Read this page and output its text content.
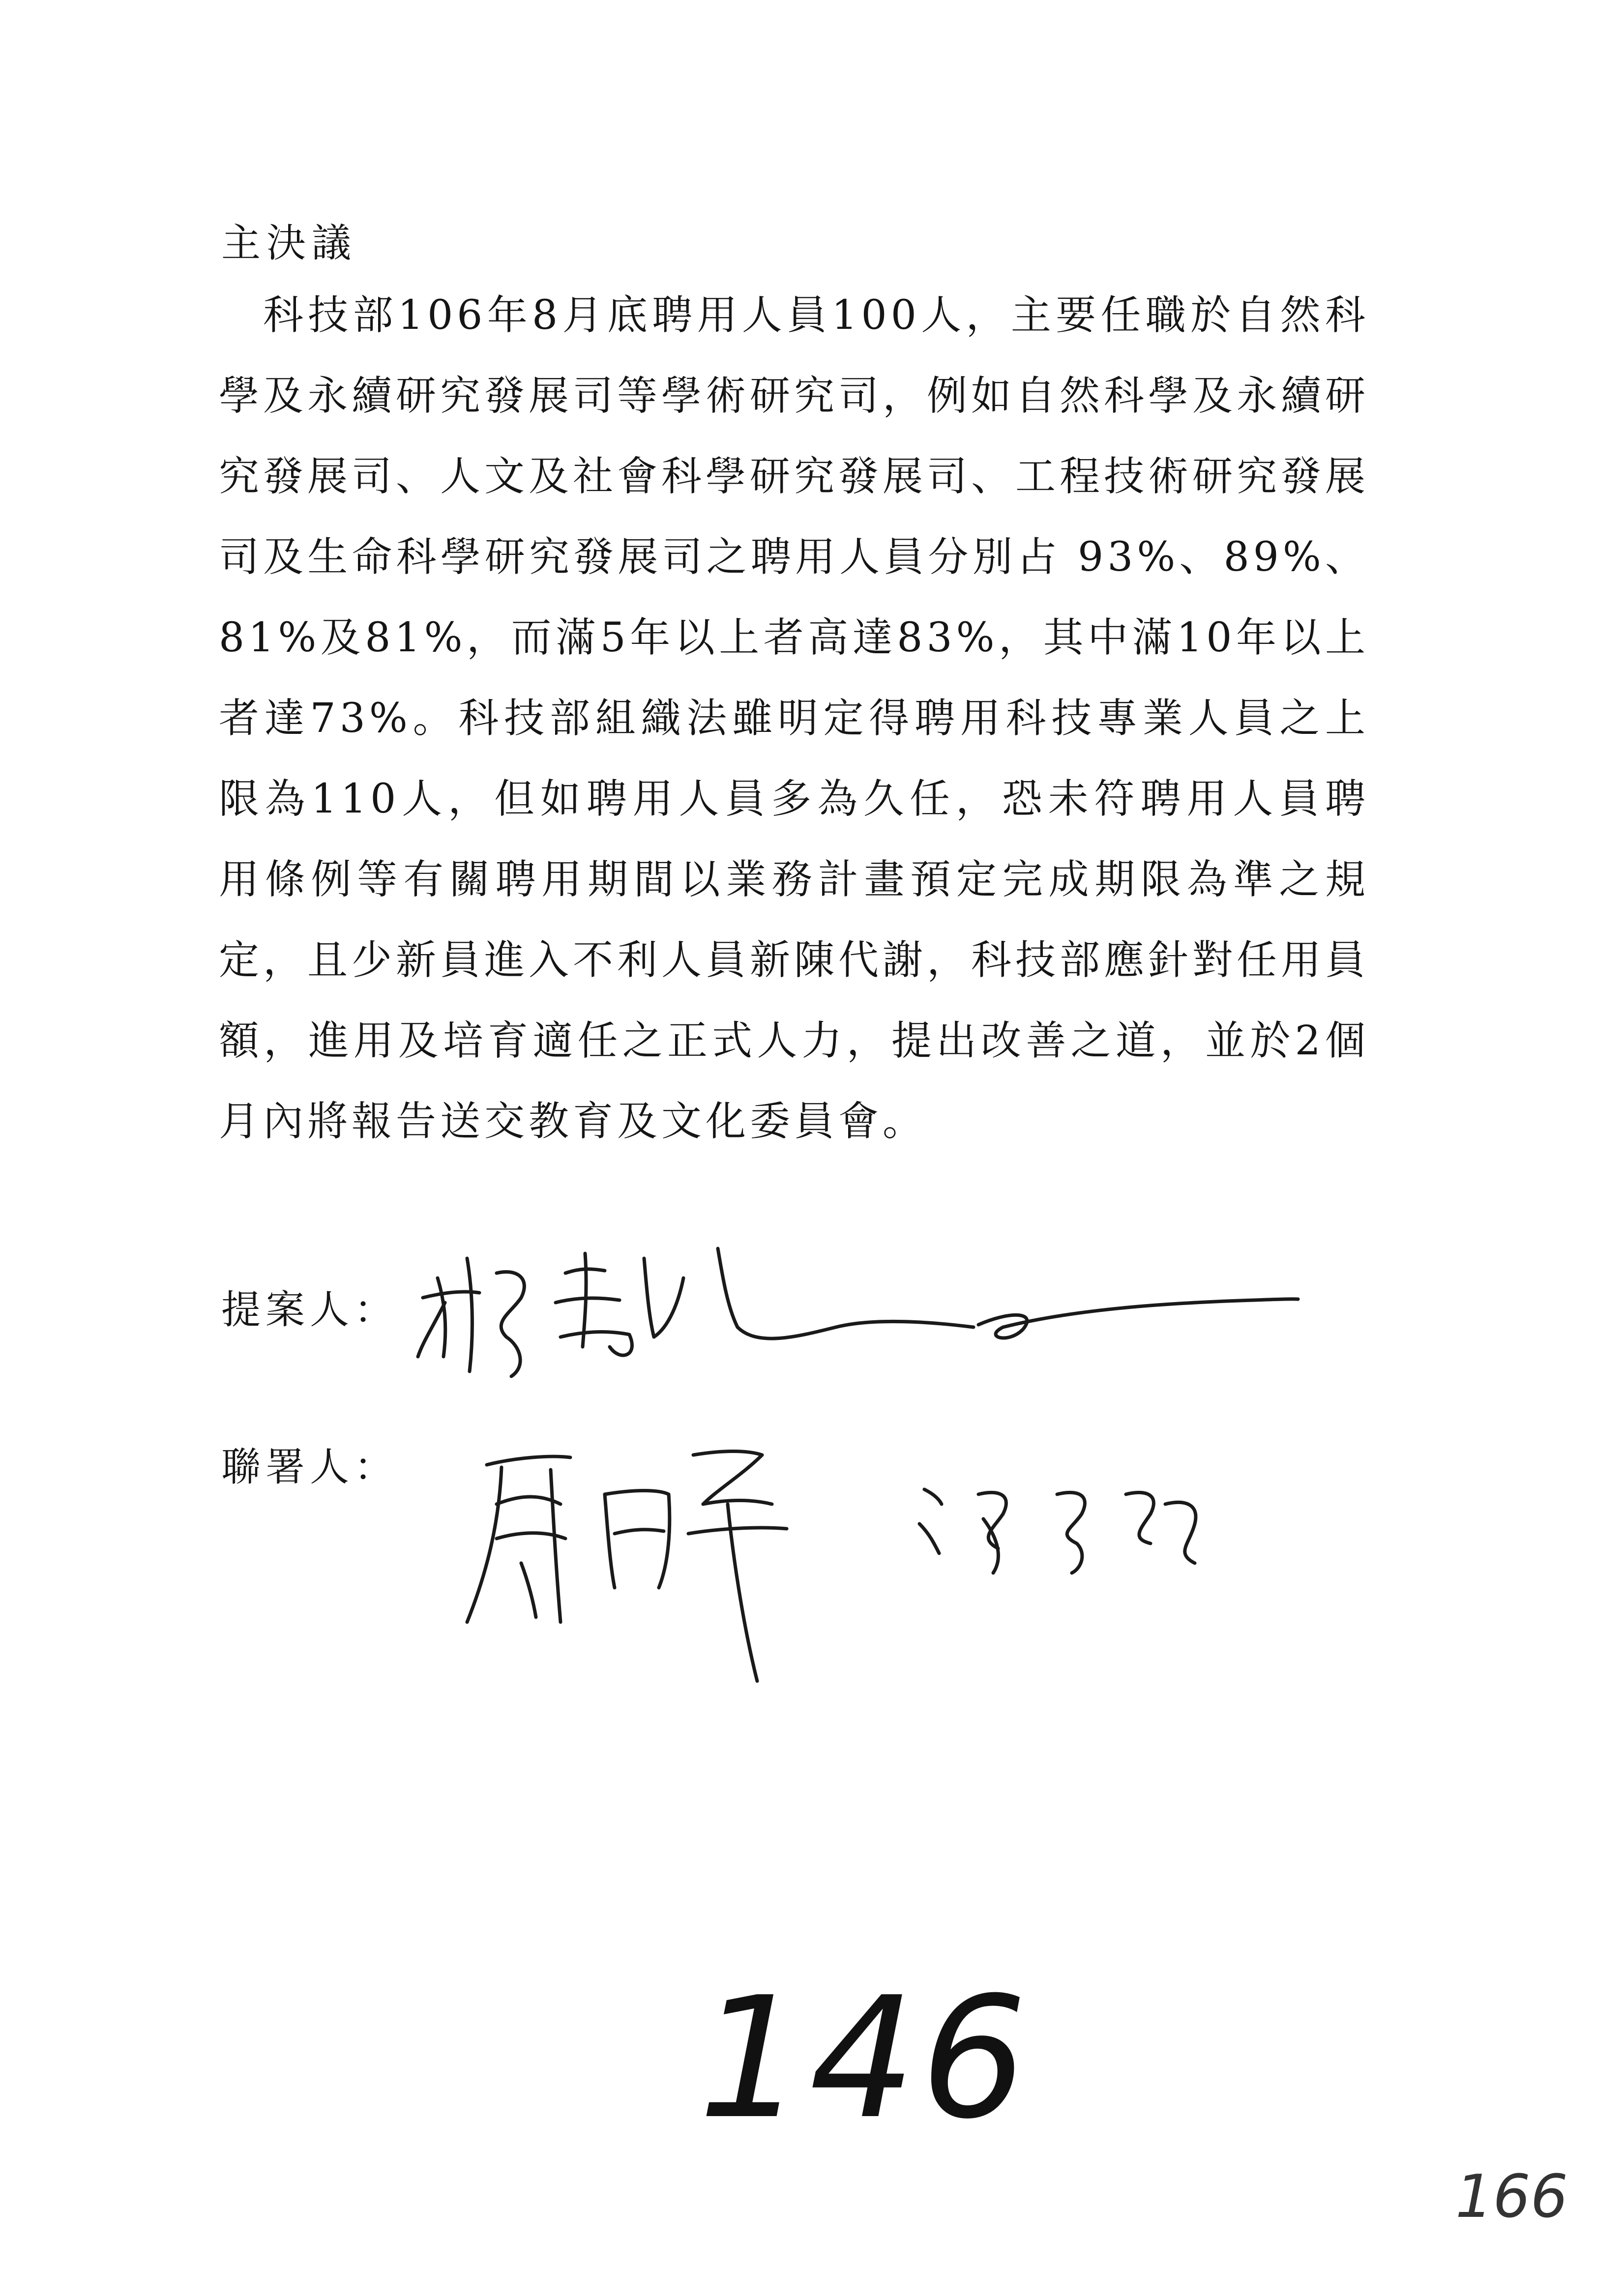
主決議

科技部106年8月底聘用人員100人，主要任職於自然科學及永續研究發展司等學術研究司，例如自然科學及永續研究發展司、人文及社會科學研究發展司、工程技術研究發展司及生命科學研究發展司之聘用人員分別占 93%、89%、81%及81%，而滿5年以上者高達83%，其中滿10年以上者達73%。科技部組織法雖明定得聘用科技專業人員之上限為110人，但如聘用人員多為久任，恐未符聘用人員聘用條例等有關聘用期間以業務計畫預定完成期限為準之規定，且少新員進入不利人員新陳代謝，科技部應針對任用員額，進用及培育適任之正式人力，提出改善之道，並於2個月內將報告送交教育及文化委員會。

提案人：
聯署人：
146
166
